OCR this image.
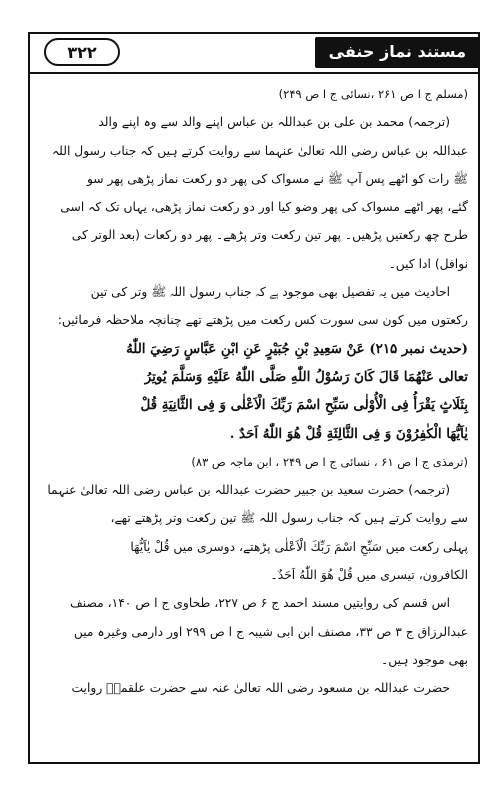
٣٢٢	مستند نماز حنفی

(مسلم ج ا ص ۲۶۱ ،نسائی ج ا ص ۲۴۹)

(ترجمہ) محمد بن علی بن عبداللہ بن عباس اپنے والد سے وہ اپنے والد

عبداللہ بن عباس رضی اللہ تعالیٰ عنہما سے روایت کرتے ہیں کہ جناب رسول اللہ

ﷺ رات کو اٹھے پس آپ ﷺ نے مسواک کی پھر دو رکعت نماز پڑھی پھر سو

گئے، پھر اٹھے مسواک کی پھر وضو کیا اور دو رکعت نماز پڑھی، یہاں تک کہ اسی

طرح چھ رکعتیں پڑھیں۔ پھر تین رکعت وتر پڑھے۔ پھر دو رکعات (بعد الوتر کی

نوافل) ادا کیں۔

احادیث میں یہ تفصیل بھی موجود ہے کہ جناب رسول اللہ ﷺ وتر کی تین

رکعتوں میں کون سی سورت کس رکعت میں پڑھتے تھے چنانچہ ملاحظہ فرمائیں:

(حدیث نمبر ۲۱۵) عَنْ سَعِيدِ بْنِ جُبَيْرٍ عَنِ ابْنِ عَبَّاسٍ رَضِيَ اللّٰهُ

تعالی عَنْهُمَا قَالَ كَانَ رَسُوْلُ اللّٰهِ صَلَّى اللّٰهُ عَلَيْهِ وَسَلَّمَ يُوتِرُ

بِثَلَاثٍ يَقْرَأُ فِى الْأُوْلٰى سَبِّحِ اسْمَ رَبِّكَ الْاَعْلٰى وَ فِى الثَّانِيَةِ قُلْ

يٰاَيُّهَا الْكٰفِرُوْنَ وَ فِى الثَّالِثَةِ قُلْ هُوَ اللّٰهُ اَحَدٌ .

(ترمذی ج ا ص ۶۱ ، نسائی ج ا ص ۲۴۹ ، ابن ماجہ ص ۸۳)

(ترجمہ) حضرت سعید بن جبیر حضرت عبداللہ بن عباس رضی اللہ تعالیٰ عنہما

سے روایت کرتے ہیں کہ جناب رسول اللہ ﷺ تین رکعت وتر پڑھتے تھے،

پہلی رکعت میں سَبِّحِ اسْمَ رَبِّكَ الْاَعْلٰى پڑھتے، دوسری میں قُلْ يٰاَيُّهَا

الکافرون، تیسری میں قُلْ هُوَ اللّٰهُ اَحَدٌ۔

اس قسم کی روایتیں مسند احمد ج ۶ ص ۲۲۷، طحاوی ج ا ص ۱۴۰، مصنف

عبدالرزاق ج ۳ ص ۳۳، مصنف ابن ابی شیبہ ج ا ص ۲۹۹ اور دارمی وغیرہ میں

بھی موجود ہیں۔

حضرت عبداللہ بن مسعود رضی اللہ تعالیٰ عنہ سے حضرت علقمہؒ روایت
